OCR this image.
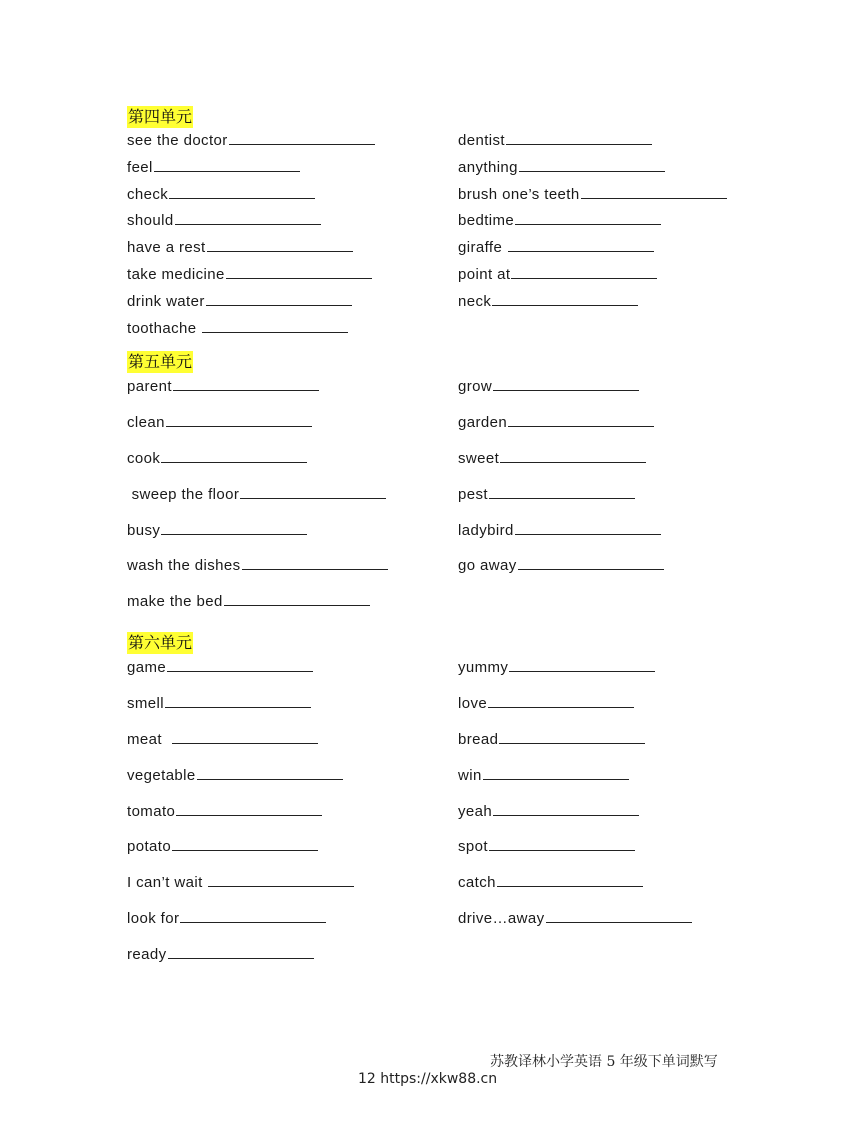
第四单元
see the doctor	dentist
feel	anything
check	brush one’s teeth
should	bedtime
have a rest	giraffe
take medicine	point at
drink water	neck
toothache
第五单元
parent	grow
clean	garden
cook	sweet
sweep the floor	pest
busy	ladybird
wash the dishes	go away
make the bed
第六单元
game	yummy
smell	love
meat	bread
vegetable	win
tomato	yeah
potato	spot
I can’t wait	catch
look for	drive…away
ready
苏教译林小学英语 5 年级下单词默写
12 https://xkw88.cn
